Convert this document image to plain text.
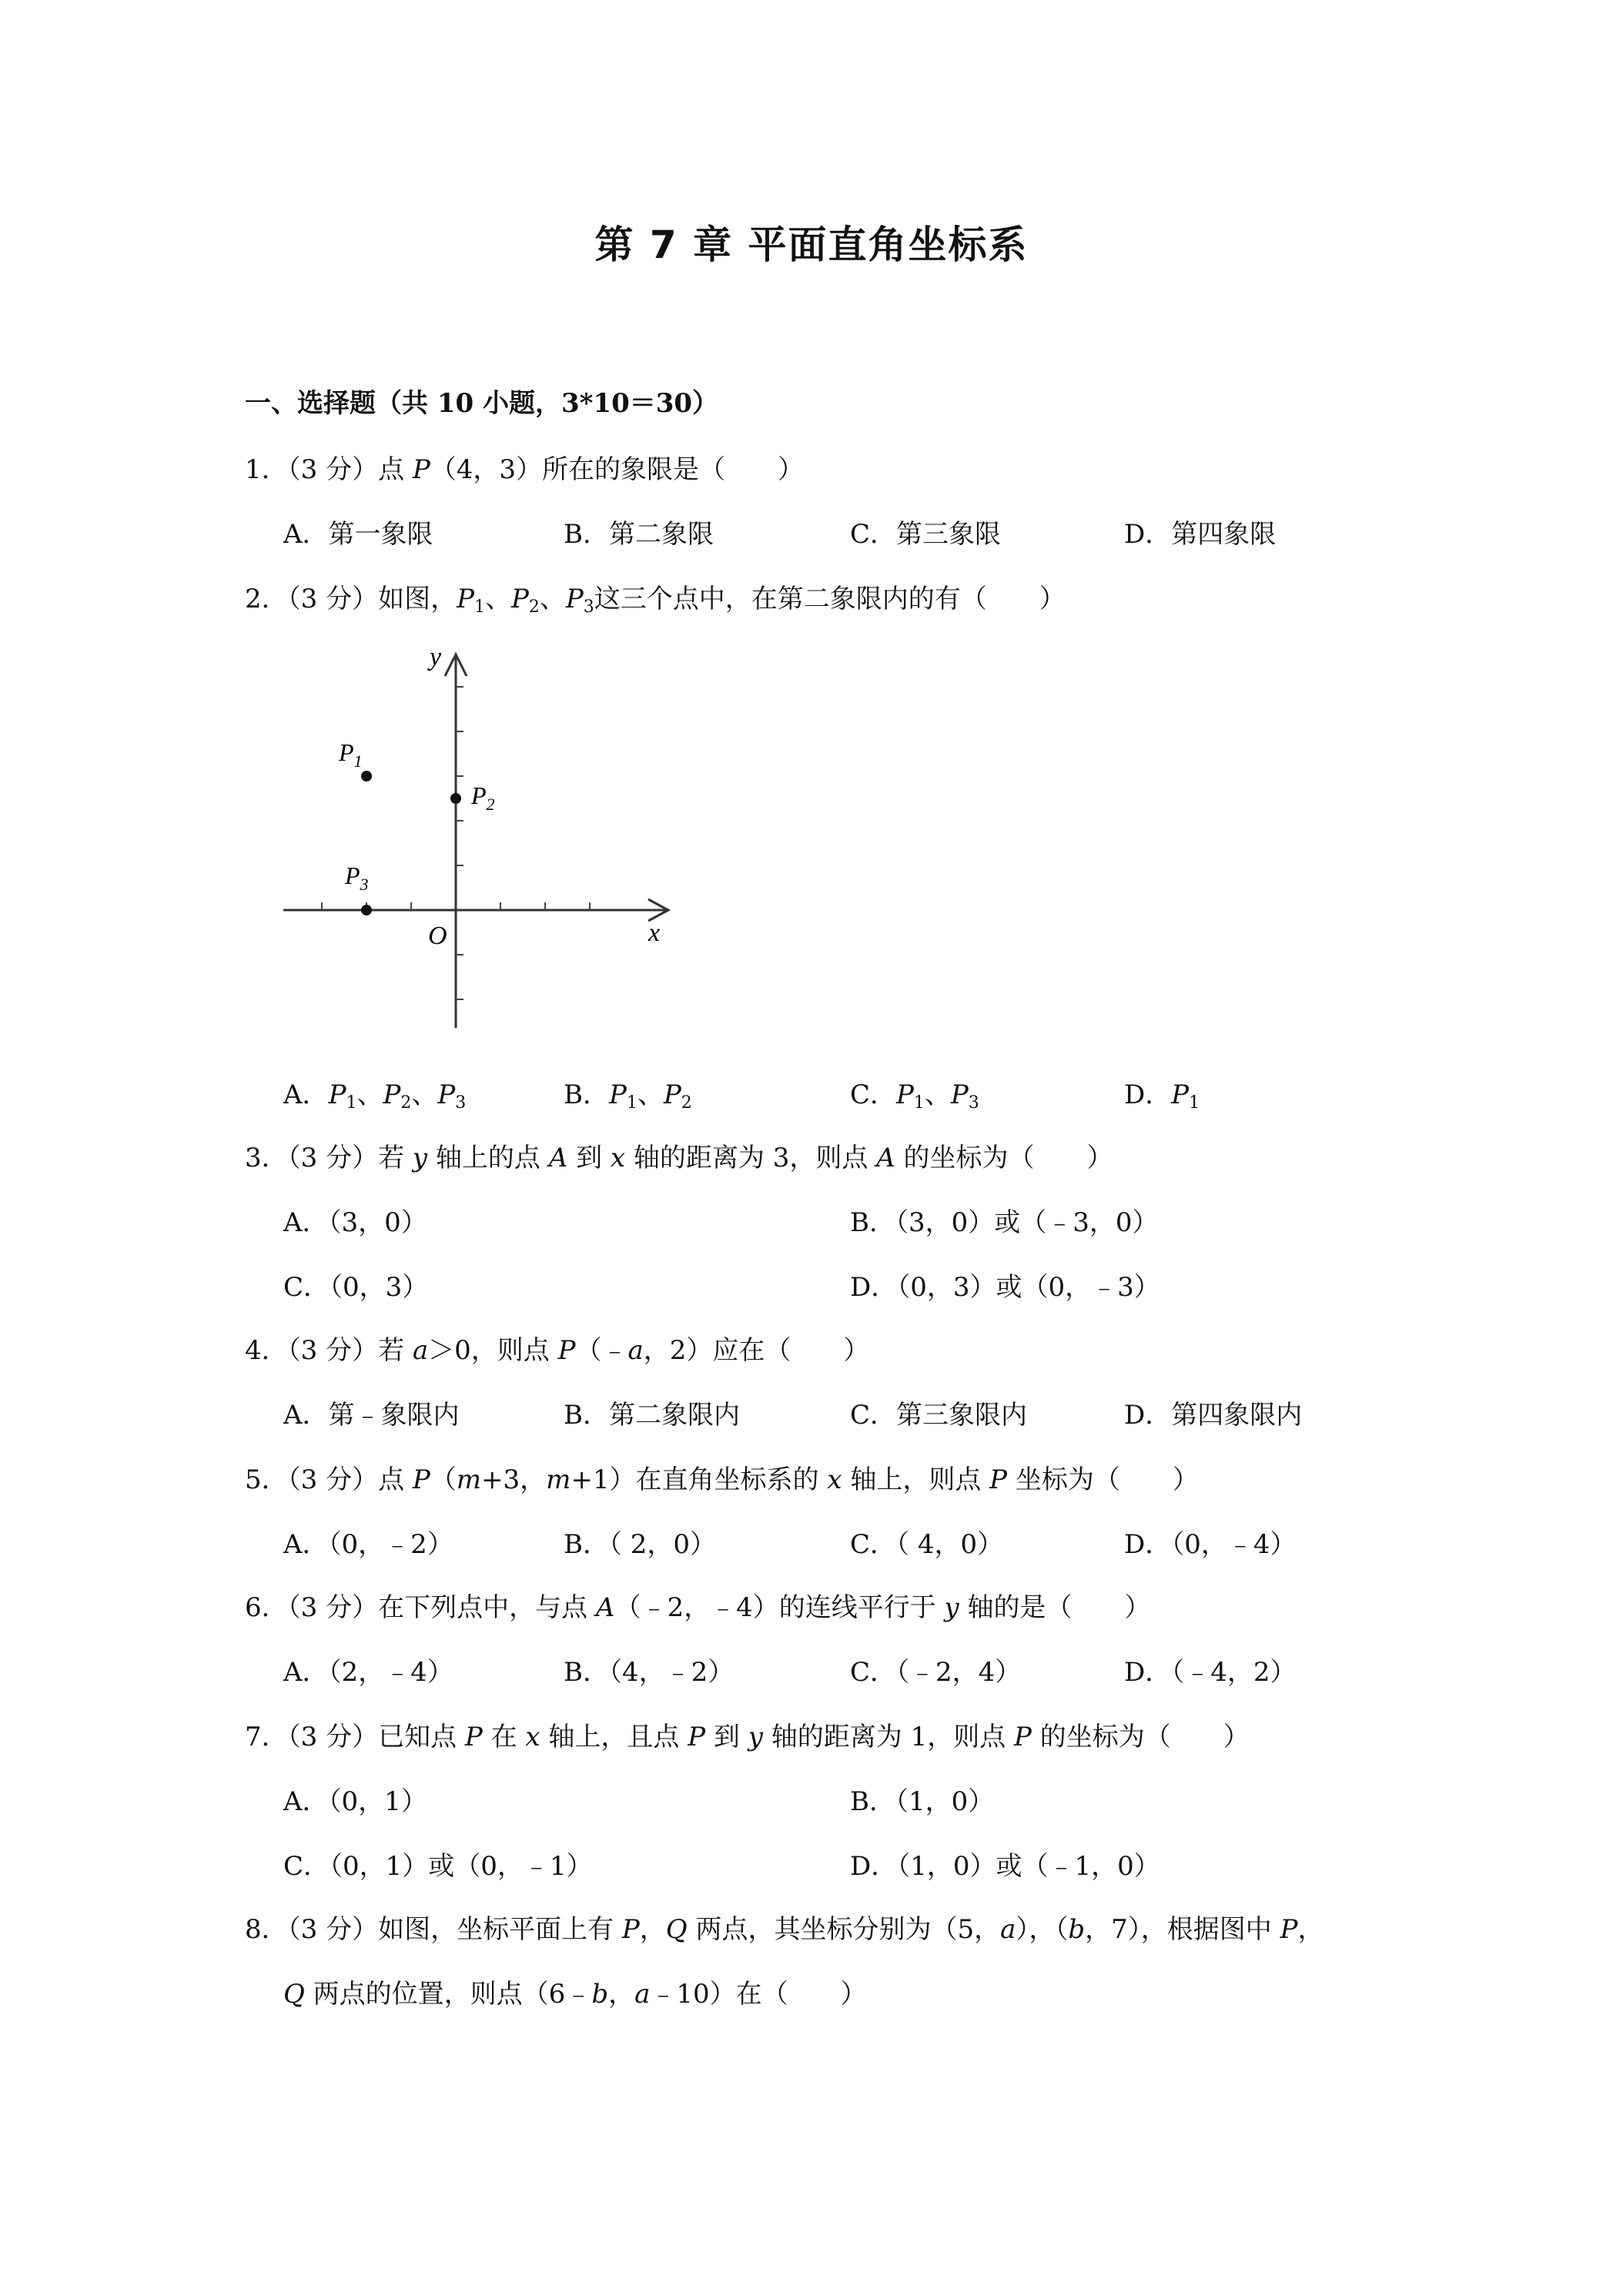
第 7 章 平面直角坐标系
一、选择题（共 10 小题，3*10＝30）
1．（3 分）点 P（4，3）所在的象限是（　　）
A．第一象限	B．第二象限	C．第三象限	D．第四象限
2．（3 分）如图，$P_1$、$P_2$、$P_3$这三个点中，在第二象限内的有（　　）
y
x
O
$P_1$
$P_2$
$P_3$
A．$P_1$、$P_2$、$P_3$	B．$P_1$、$P_2$	C．$P_1$、$P_3$	D．$P_1$
3．（3 分）若 y 轴上的点 A 到 x 轴的距离为 3，则点 A 的坐标为（　　）
A．（3，0）	B．（3，0）或（﹣3，0）
C．（0，3）	D．（0，3）或（0，﹣3）
4．（3 分）若 a＞0，则点 P（﹣a，2）应在（　　）
A．第﹣象限内	B．第二象限内	C．第三象限内	D．第四象限内
5．（3 分）点 P（m+3，m+1）在直角坐标系的 x 轴上，则点 P 坐标为（　　）
A．（0，﹣2）	B．（ 2，0）	C．（ 4，0）	D．（0，﹣4）
6．（3 分）在下列点中，与点 A（﹣2，﹣4）的连线平行于 y 轴的是（　　）
A．（2，﹣4）	B．（4，﹣2）	C．（﹣2，4）	D．（﹣4，2）
7．（3 分）已知点 P 在 x 轴上，且点 P 到 y 轴的距离为 1，则点 P 的坐标为（　　）
A．（0，1）	B．（1，0）
C．（0，1）或（0，﹣1）	D．（1，0）或（﹣1，0）
8．（3 分）如图，坐标平面上有 P，Q 两点，其坐标分别为（5，a），（b，7），根据图中 P，
Q 两点的位置，则点（6﹣b，a﹣10）在（　　）
